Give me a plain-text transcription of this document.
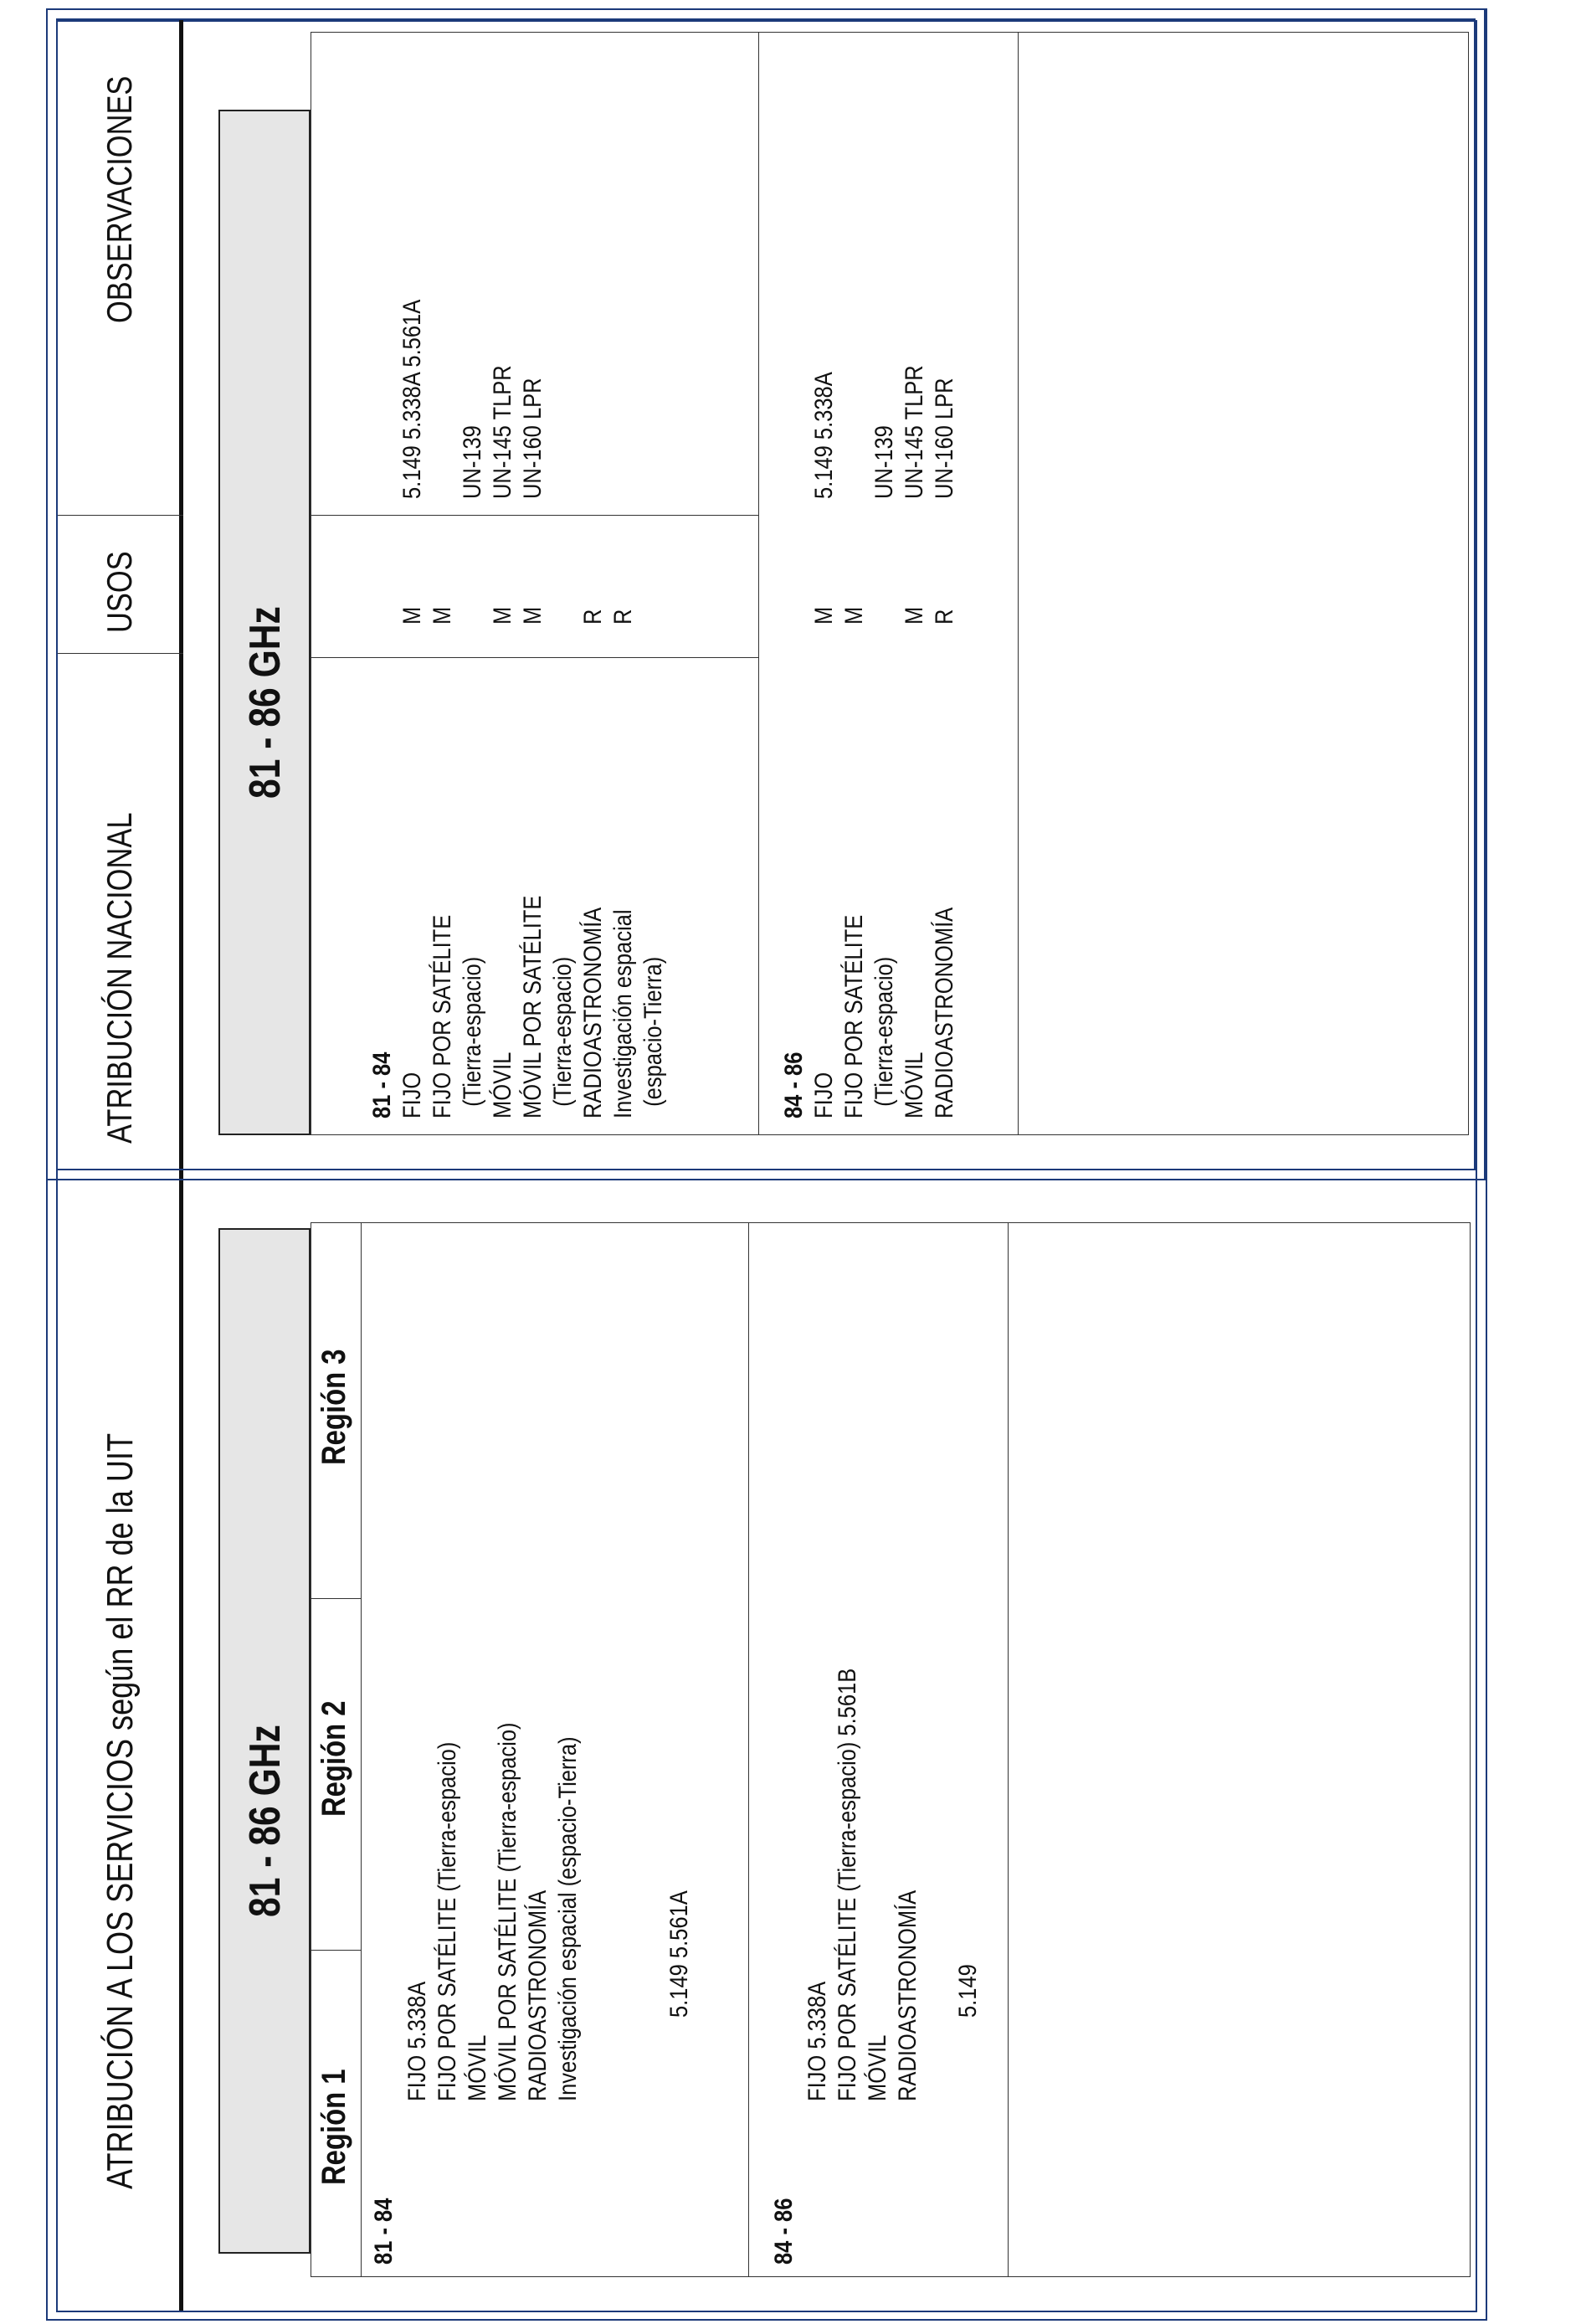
ATRIBUCIÓN A LOS SERVICIOS según el RR de la UIT 81 - 86 GHz
Región 1
Región 2
Región 3
81 - 84
FIJO 5.338A FIJO POR SATÉLITE (Tierra-espacio) MÓVIL MÓVIL POR SATÉLITE (Tierra-espacio) RADIOASTRONOMÍA Investigación espacial (espacio-Tierra)	5.149 5.561A
84 - 86
FIJO 5.338A FIJO POR SATÉLITE (Tierra-espacio) 5.561B MÓVIL RADIOASTRONOMÍA 5.149
ATRIBUCIÓN NACIONAL
USOS
OBSERVACIONES
81 - 86 GHz
81 - 84 FIJO FIJO POR SATÉLITE (Tierra-espacio) MÓVIL MÓVIL POR SATÉLITE (Tierra-espacio) RADIOASTRONOMÍA Investigación espacial (espacio-Tierra)
M M M M R R
5.149 5.338A 5.561A UN-139 UN-145 TLPR UN-160 LPR
84 - 86 FIJO FIJO POR SATÉLITE (Tierra-espacio) MÓVIL RADIOASTRONOMÍA
M M M R
5.149 5.338A UN-139 UN-145 TLPR UN-160 LPR
